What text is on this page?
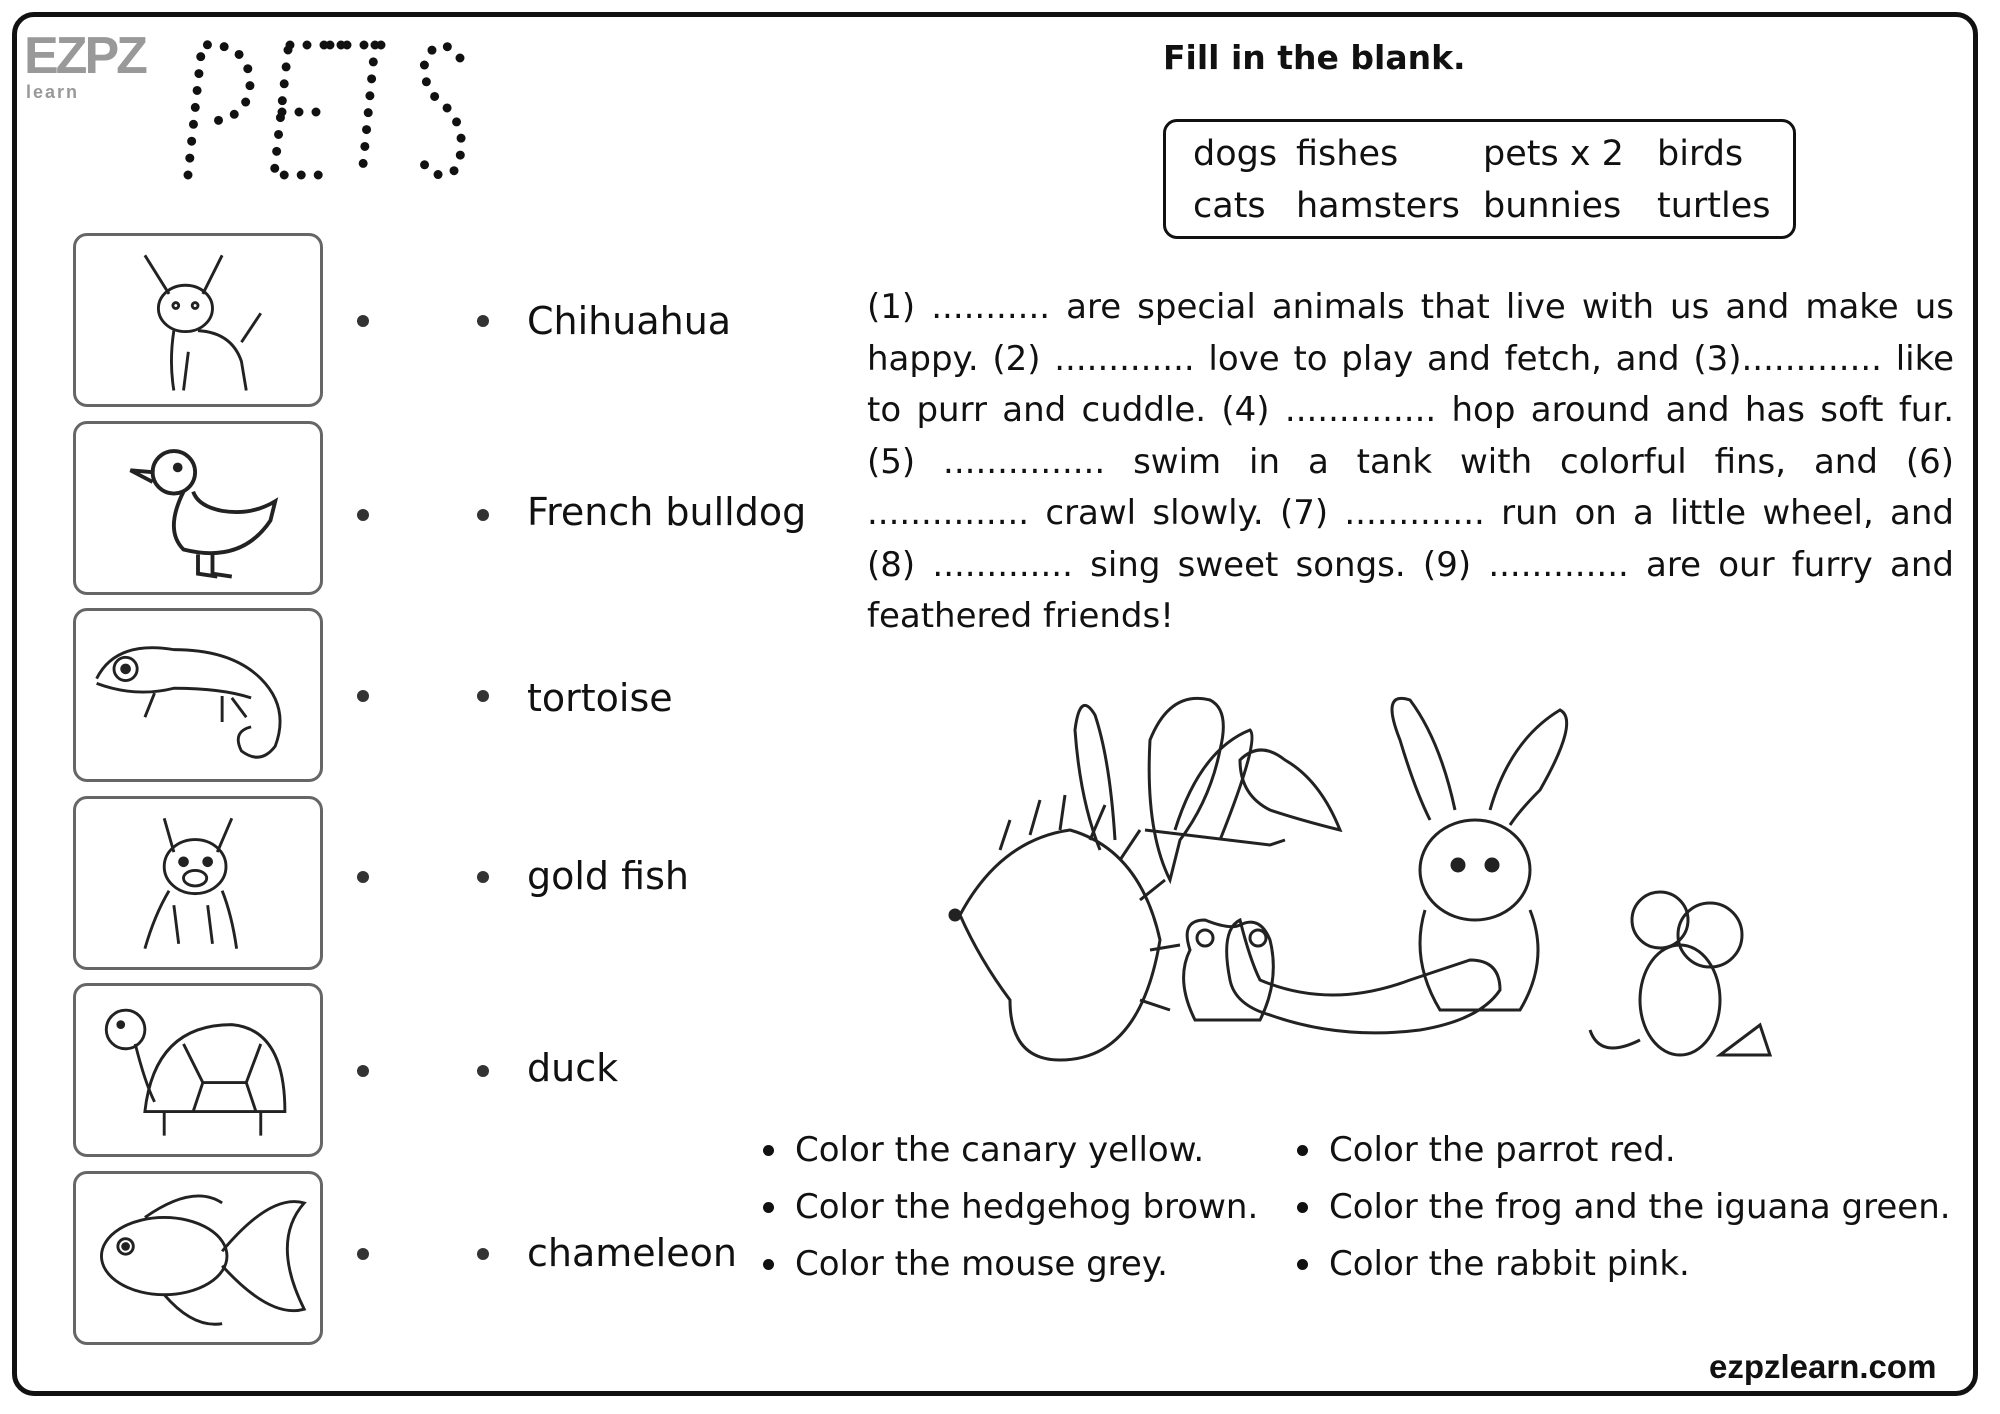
EZPZ
learn
Fill in the blank.
dogs fishes pets x 2 birds
cats hamsters bunnies turtles
Chihuahua
French bulldog
tortoise
gold fish
duck
chameleon
(1) ........... are special animals that live with us and make us happy. (2) ............. love to play and fetch, and (3)............. like to purr and cuddle. (4) .............. hop around and has soft fur. (5) ............... swim in a tank with colorful fins, and (6) ............... crawl slowly. (7) ............. run on a little wheel, and (8) ............. sing sweet songs. (9) ............. are our furry and feathered friends!
Color the canary yellow.
Color the hedgehog brown.
Color the mouse grey.
Color the parrot red.
Color the frog and the iguana green.
Color the rabbit pink.
ezpzlearn.com
